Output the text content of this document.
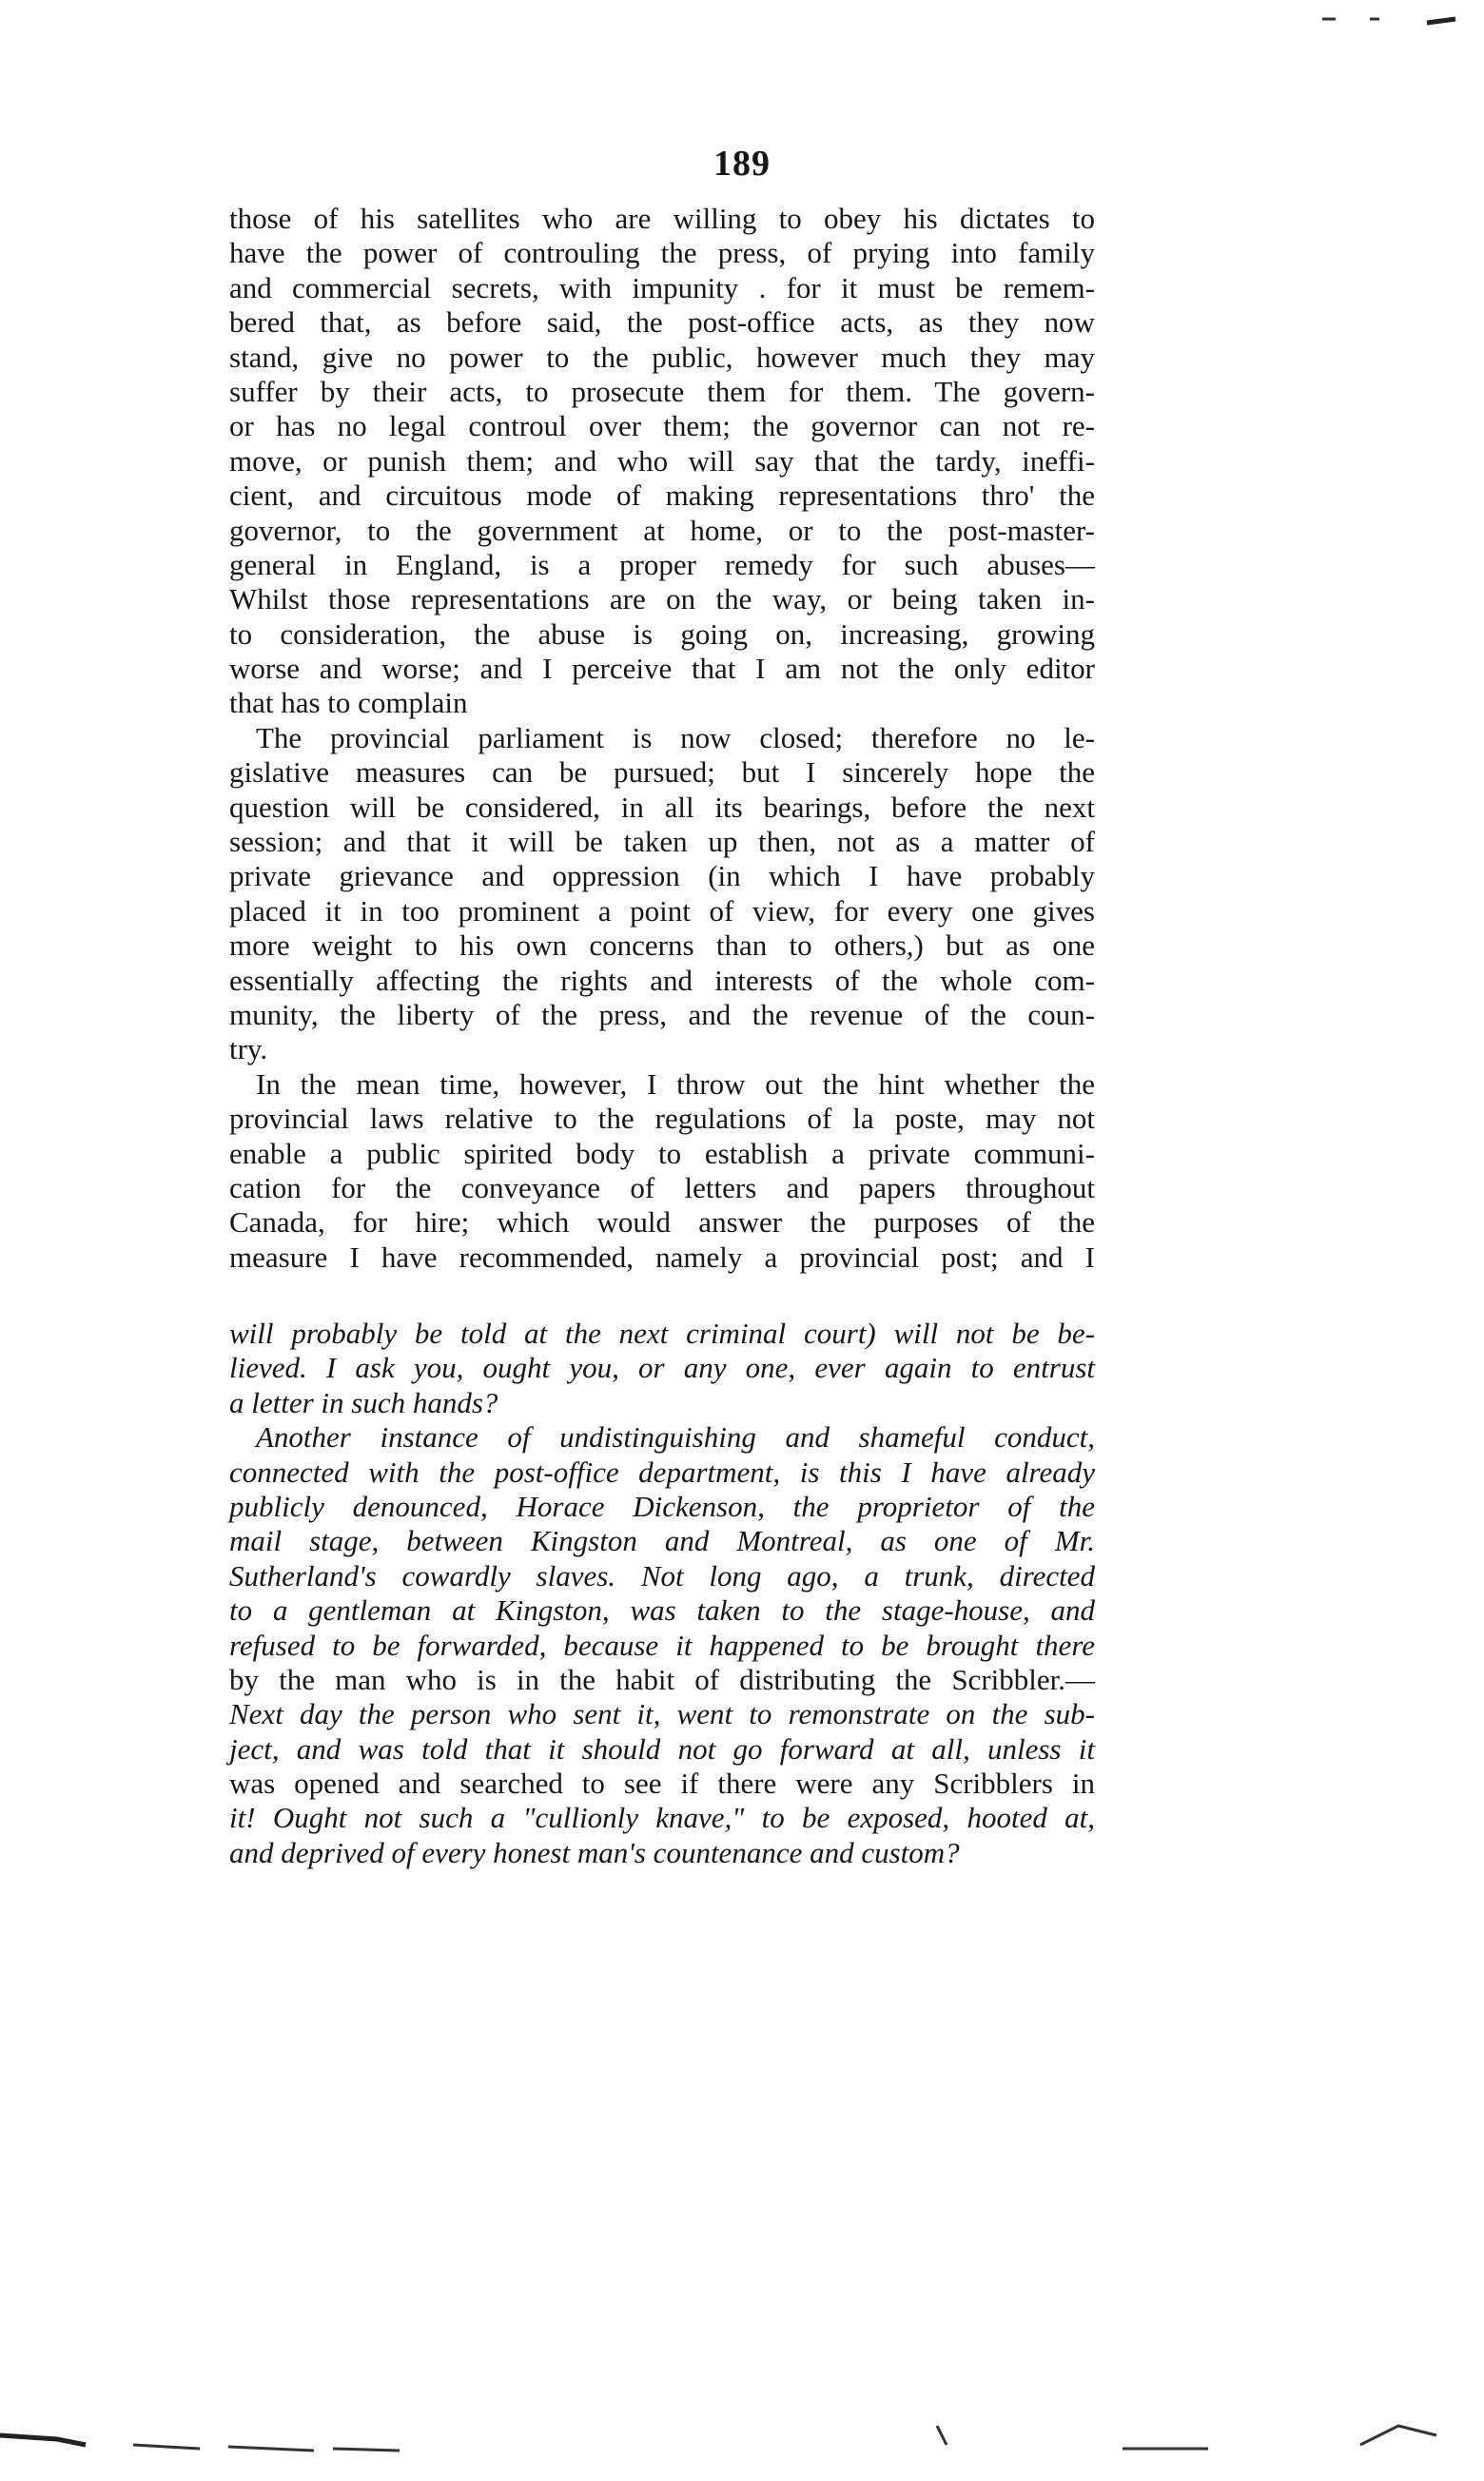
189
those of his satellites who are willing to obey his dictates to
have the power of controuling the press, of prying into family
and commercial secrets, with impunity . for it must be remem-
bered that, as before said, the post-office acts, as they now
stand, give no power to the public, however much they may
suffer by their acts, to prosecute them for them. The govern-
or has no legal controul over them; the governor can not re-
move, or punish them; and who will say that the tardy, ineffi-
cient, and circuitous mode of making representations thro' the
governor, to the government at home, or to the post-master-
general in England, is a proper remedy for such abuses—
Whilst those representations are on the way, or being taken in-
to consideration, the abuse is going on, increasing, growing
worse and worse; and I perceive that I am not the only editor
that has to complain
The provincial parliament is now closed; therefore no le-
gislative measures can be pursued; but I sincerely hope the
question will be considered, in all its bearings, before the next
session; and that it will be taken up then, not as a matter of
private grievance and oppression (in which I have probably
placed it in too prominent a point of view, for every one gives
more weight to his own concerns than to others,) but as one
essentially affecting the rights and interests of the whole com-
munity, the liberty of the press, and the revenue of the coun-
try.
In the mean time, however, I throw out the hint whether the
provincial laws relative to the regulations of la poste, may not
enable a public spirited body to establish a private communi-
cation for the conveyance of letters and papers throughout
Canada, for hire; which would answer the purposes of the
measure I have recommended, namely a provincial post; and I
will probably be told at the next criminal court) will not be be-
lieved. I ask you, ought you, or any one, ever again to entrust
a letter in such hands?
Another instance of undistinguishing and shameful conduct,
connected with the post-office department, is this I have already
publicly denounced, Horace Dickenson, the proprietor of the
mail stage, between Kingston and Montreal, as one of Mr.
Sutherland's cowardly slaves. Not long ago, a trunk, directed
to a gentleman at Kingston, was taken to the stage-house, and
refused to be forwarded, because it happened to be brought there
by the man who is in the habit of distributing the Scribbler.—
Next day the person who sent it, went to remonstrate on the sub-
ject, and was told that it should not go forward at all, unless it
was opened and searched to see if there were any Scribblers in
it! Ought not such a "cullionly knave," to be exposed, hooted at,
and deprived of every honest man's countenance and custom?
